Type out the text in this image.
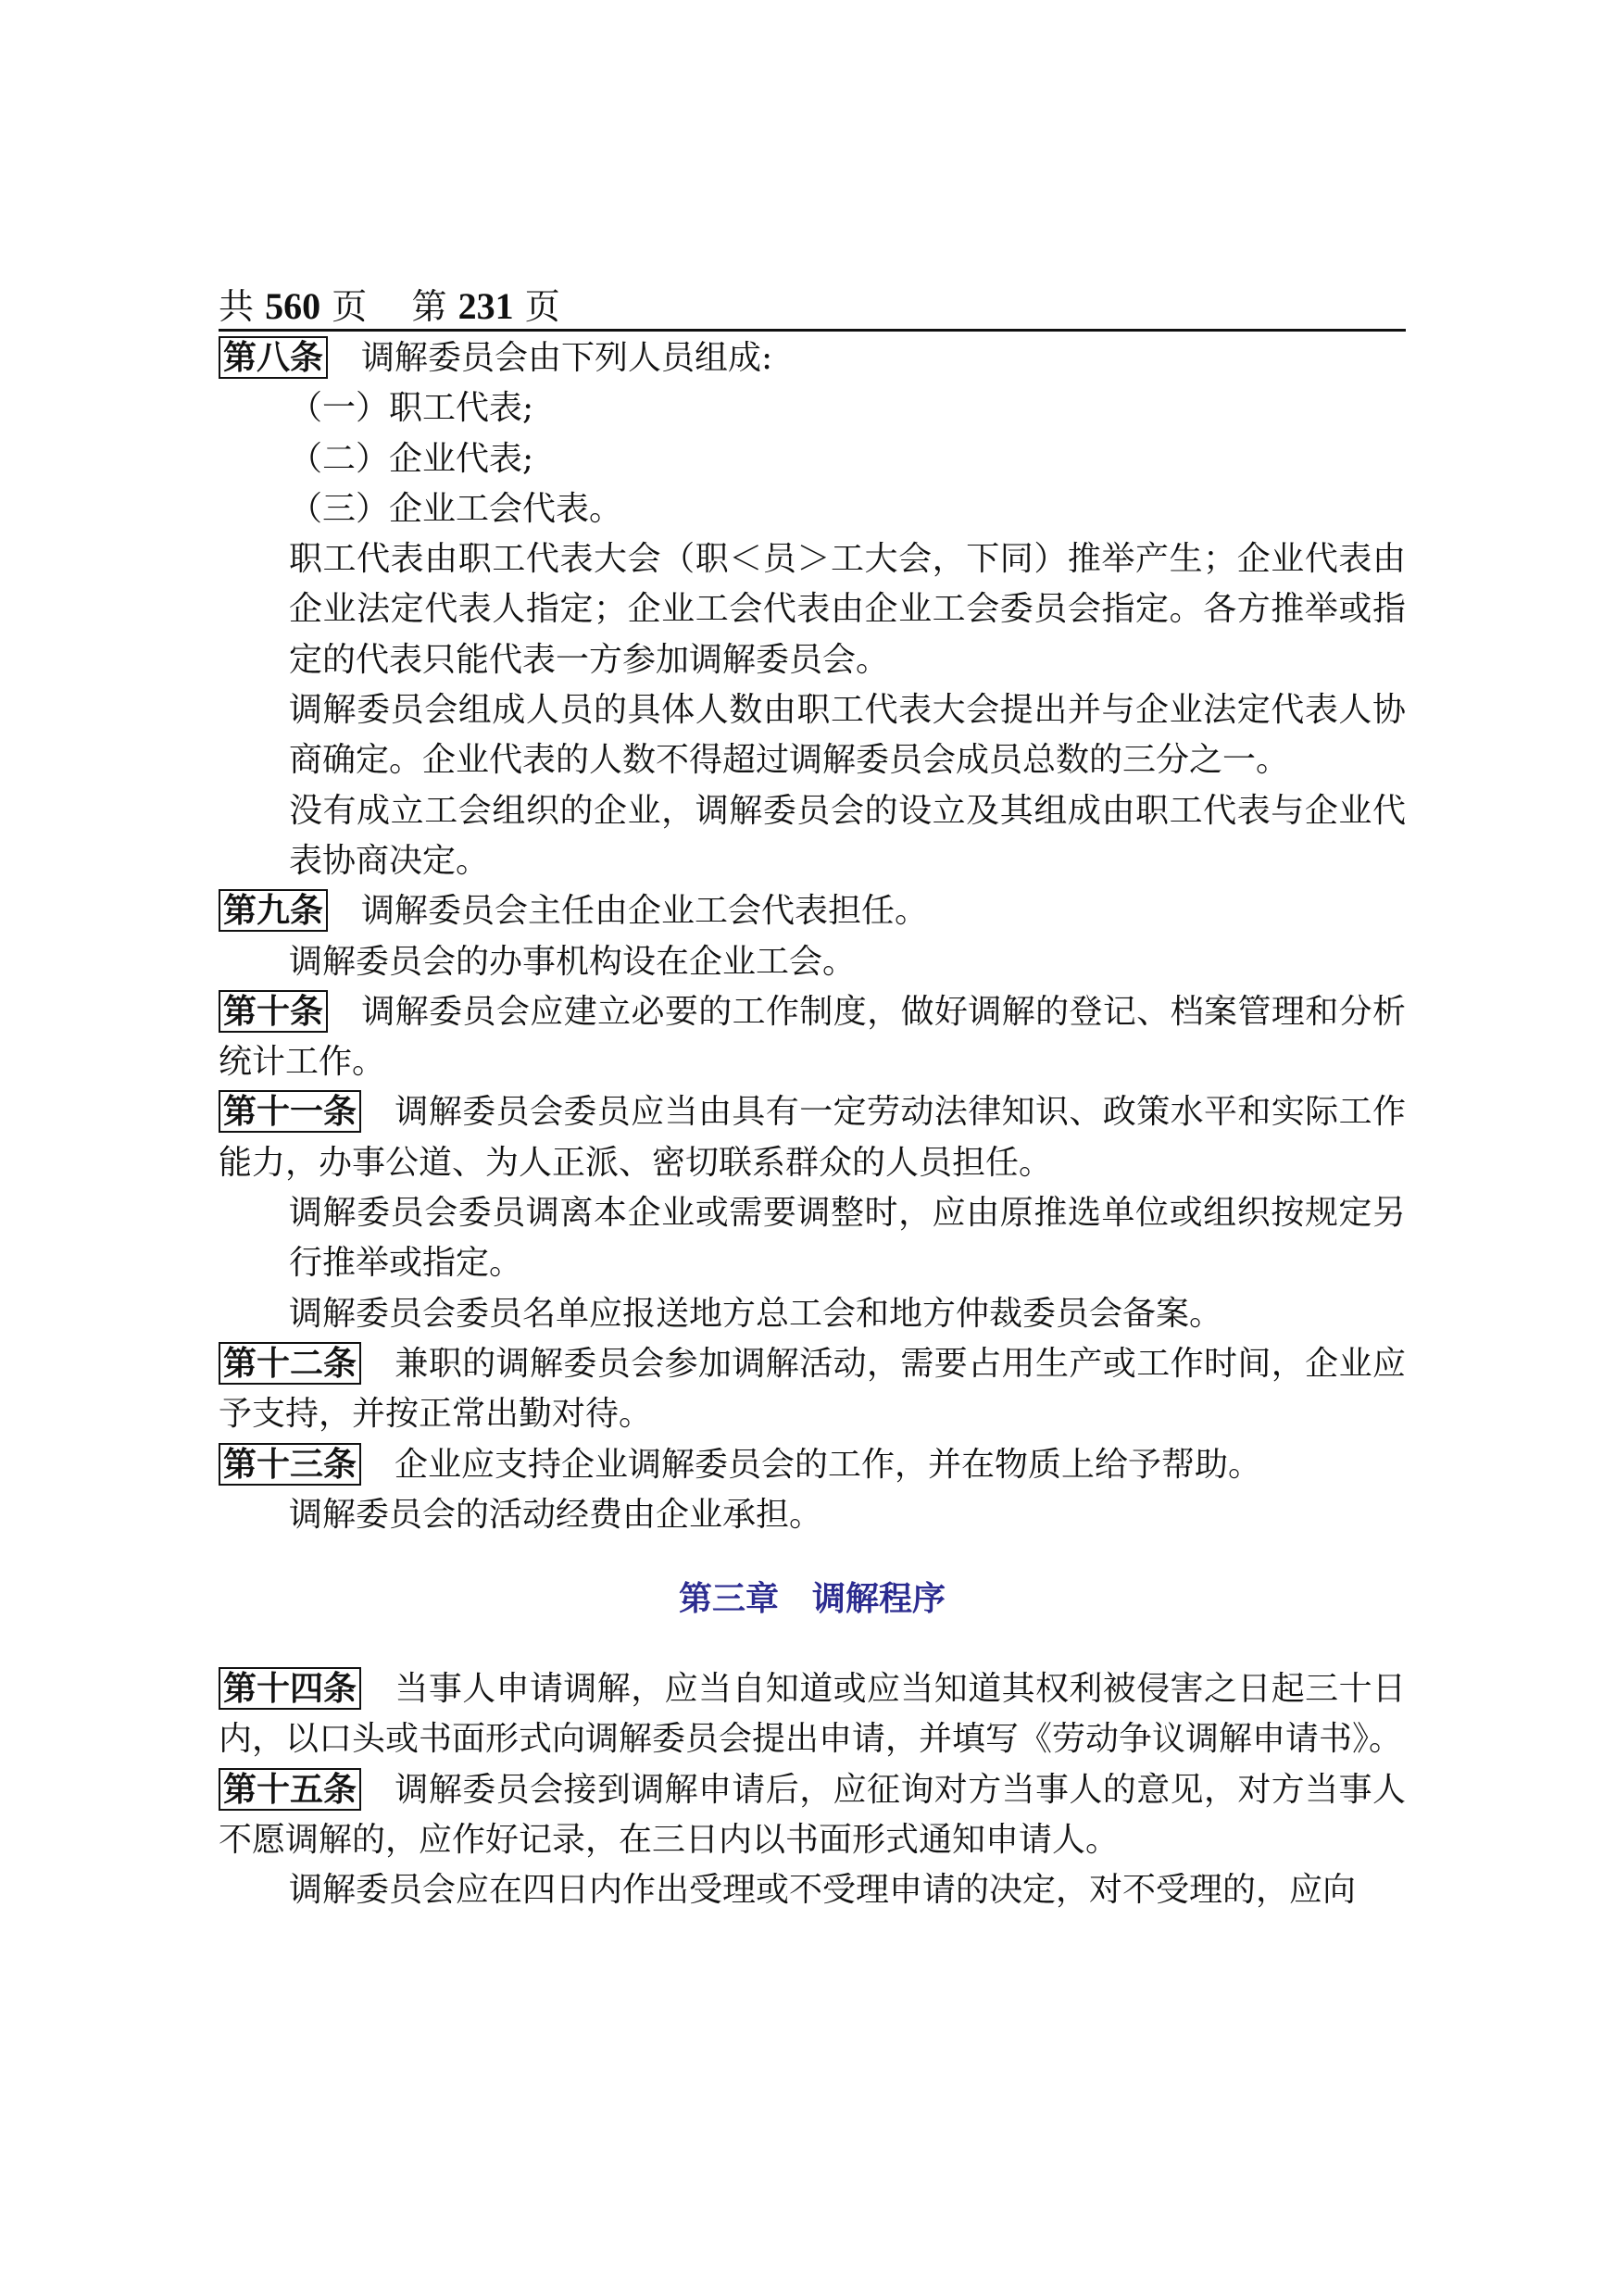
共 560 页 第 231 页

第八条 调解委员会由下列人员组成:

（一）职工代表;

（二）企业代表;

（三）企业工会代表。

职工代表由职工代表大会（职＜员＞工大会，下同）推举产生；企业代表由企业法定代表人指定；企业工会代表由企业工会委员会指定。各方推举或指定的代表只能代表一方参加调解委员会。

调解委员会组成人员的具体人数由职工代表大会提出并与企业法定代表人协商确定。企业代表的人数不得超过调解委员会成员总数的三分之一。

没有成立工会组织的企业，调解委员会的设立及其组成由职工代表与企业代表协商决定。

第九条 调解委员会主任由企业工会代表担任。

调解委员会的办事机构设在企业工会。

第十条 调解委员会应建立必要的工作制度，做好调解的登记、档案管理和分析统计工作。

第十一条 调解委员会委员应当由具有一定劳动法律知识、政策水平和实际工作能力，办事公道、为人正派、密切联系群众的人员担任。

调解委员会委员调离本企业或需要调整时，应由原推选单位或组织按规定另行推举或指定。

调解委员会委员名单应报送地方总工会和地方仲裁委员会备案。

第十二条 兼职的调解委员会参加调解活动，需要占用生产或工作时间，企业应予支持，并按正常出勤对待。

第十三条 企业应支持企业调解委员会的工作，并在物质上给予帮助。

调解委员会的活动经费由企业承担。

第三章　调解程序

第十四条 当事人申请调解，应当自知道或应当知道其权利被侵害之日起三十日内，以口头或书面形式向调解委员会提出申请，并填写《劳动争议调解申请书》。

第十五条 调解委员会接到调解申请后，应征询对方当事人的意见，对方当事人不愿调解的，应作好记录，在三日内以书面形式通知申请人。

调解委员会应在四日内作出受理或不受理申请的决定，对不受理的，应向
